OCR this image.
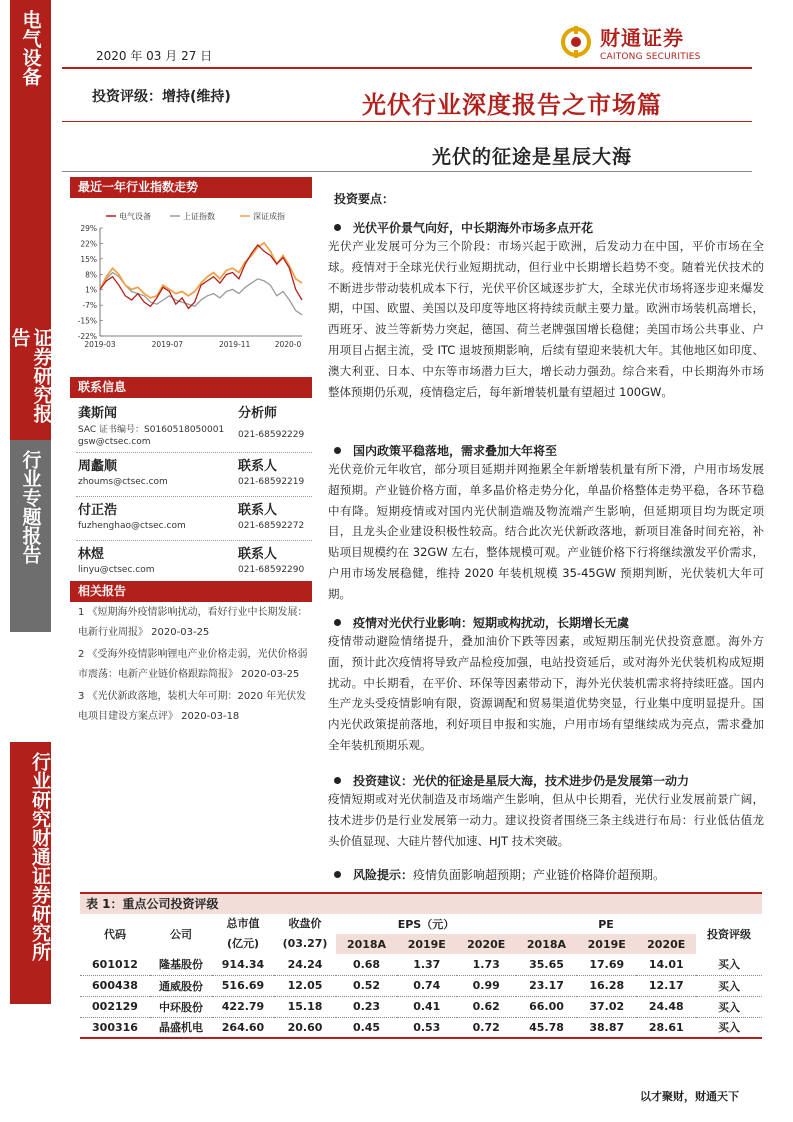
电气设备
证券研究报告
行业专题报告
行业研究
财通证券研究所
2020 年 03 月 27 日
财通证券
CAITONG SECURITIES
投资评级：增持(维持)	光伏行业深度报告之市场篇
光伏的征途是星辰大海
最近一年行业指数走势
电气设备	上证指数	深证成指
29%
22%
15%
8%
1%
-7%
-15%
-22%
2019-03	2019-07	2019-11	2020-0
联系信息
龚斯闻	分析师
SAC 证书编号：S0160518050001
gsw@ctsec.com
021-68592229
周蠡顺	联系人
zhoums@ctsec.com	021-68592219
付正浩	联系人
fuzhenghao@ctsec.com	021-68592272
林煜	联系人
linyu@ctsec.com	021-68592290
相关报告
1 《短期海外疫情影响扰动，看好行业中长期发展：电新行业周报》 2020-03-25
2 《受海外疫情影响锂电产业价格走弱，光伏价格弱市震荡：电新产业链价格跟踪简报》 2020-03-25
3 《光伏新政落地，装机大年可期：2020 年光伏发电项目建设方案点评》 2020-03-18
投资要点：
光伏平价景气向好，中长期海外市场多点开花
光伏产业发展可分为三个阶段：市场兴起于欧洲，后发动力在中国，平价市场在全球。疫情对于全球光伏行业短期扰动，但行业中长期增长趋势不变。随着光伏技术的不断进步带动装机成本下行，光伏平价区域逐步扩大，全球光伏市场将逐步迎来爆发期，中国、欧盟、美国以及印度等地区将持续贡献主要力量。欧洲市场装机高增长，西班牙、波兰等新势力突起，德国、荷兰老牌强国增长稳健；美国市场公共事业、户用项目占据主流，受 ITC 退坡预期影响，后续有望迎来装机大年。其他地区如印度、澳大利亚、日本、中东等市场潜力巨大，增长动力强劲。综合来看，中长期海外市场整体预期仍乐观，疫情稳定后，每年新增装机量有望超过 100GW。
国内政策平稳落地，需求叠加大年将至
光伏竞价元年收官，部分项目延期并网拖累全年新增装机量有所下滑，户用市场发展超预期。产业链价格方面，单多晶价格走势分化，单晶价格整体走势平稳，各环节稳中有降。短期疫情或对国内光伏制造端及物流端产生影响，但延期项目均为既定项目，且龙头企业建设积极性较高。结合此次光伏新政落地，新项目准备时间充裕，补贴项目规模约在 32GW 左右，整体规模可观。产业链价格下行将继续激发平价需求，户用市场发展稳健，维持 2020 年装机规模 35-45GW 预期判断，光伏装机大年可期。
疫情对光伏行业影响：短期或构扰动，长期增长无虞
疫情带动避险情绪提升，叠加油价下跌等因素，或短期压制光伏投资意愿。海外方面，预计此次疫情将导致产品检疫加强，电站投资延后，或对海外光伏装机构成短期扰动。中长期看，在平价、环保等因素带动下，海外光伏装机需求将持续旺盛。国内生产龙头受疫情影响有限，资源调配和贸易渠道优势突显，行业集中度明显提升。国内光伏政策提前落地，利好项目申报和实施，户用市场有望继续成为亮点，需求叠加全年装机预期乐观。
投资建议：光伏的征途是星辰大海，技术进步仍是发展第一动力
疫情短期或对光伏制造及市场端产生影响，但从中长期看，光伏行业发展前景广阔，技术进步仍是行业发展第一动力。建议投资者围绕三条主线进行布局：行业低估值龙头价值显现、大硅片替代加速、HJT 技术突破。
风险提示：疫情负面影响超预期；产业链价格降价超预期。
表 1：重点公司投资评级
代码	公司	总市值
(亿元)	收盘价
(03.27)	EPS（元）			PE			投资评级
				2018A	2019E	2020E	2018A	2019E	2020E	
601012	隆基股份	914.34	24.24	0.68	1.37	1.73	35.65	17.69	14.01	买入
600438	通威股份	516.69	12.05	0.52	0.74	0.99	23.17	16.28	12.17	买入
002129	中环股份	422.79	15.18	0.23	0.41	0.62	66.00	37.02	24.48	买入
300316	晶盛机电	264.60	20.60	0.45	0.53	0.72	45.78	38.87	28.61	买入
以才聚财，财通天下
